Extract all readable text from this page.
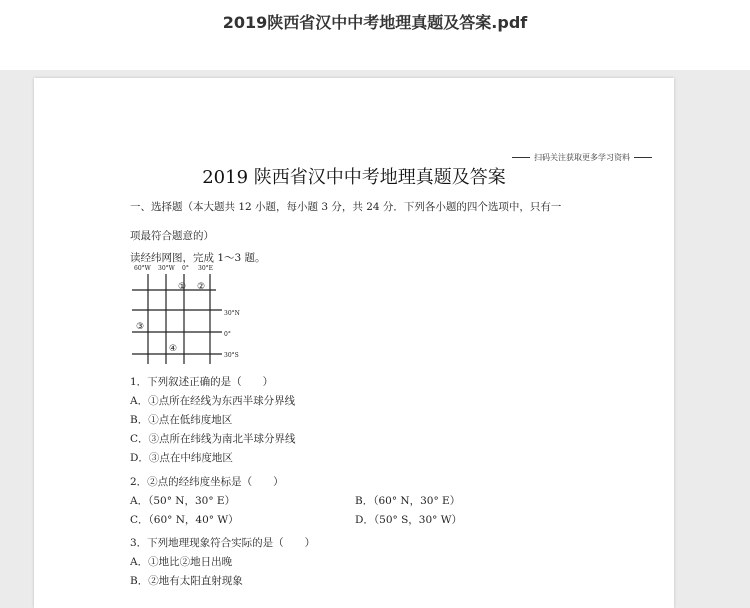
2019陕西省汉中中考地理真题及答案.pdf
扫码关注获取更多学习资料
2019 陕西省汉中中考地理真题及答案
一、选择题（本大题共 12 小题，每小题 3 分，共 24 分．下列各小题的四个选项中，只有一
项最符合题意的）
读经纬网图，完成 1～3 题。
60°W 30°W 0° 30°E
30°N
0°
30°S
① ②
③
④
1．下列叙述正确的是（　　）
A．①点所在经线为东西半球分界线
B．①点在低纬度地区
C．③点所在纬线为南北半球分界线
D．③点在中纬度地区
2．②点的经纬度坐标是（　　）
A．（50° N，30° E）	B．（60° N，30° E）
C．（60° N，40° W）	D．（50° S，30° W）
3．下列地理现象符合实际的是（　　）
A．①地比②地日出晚
B．②地有太阳直射现象
